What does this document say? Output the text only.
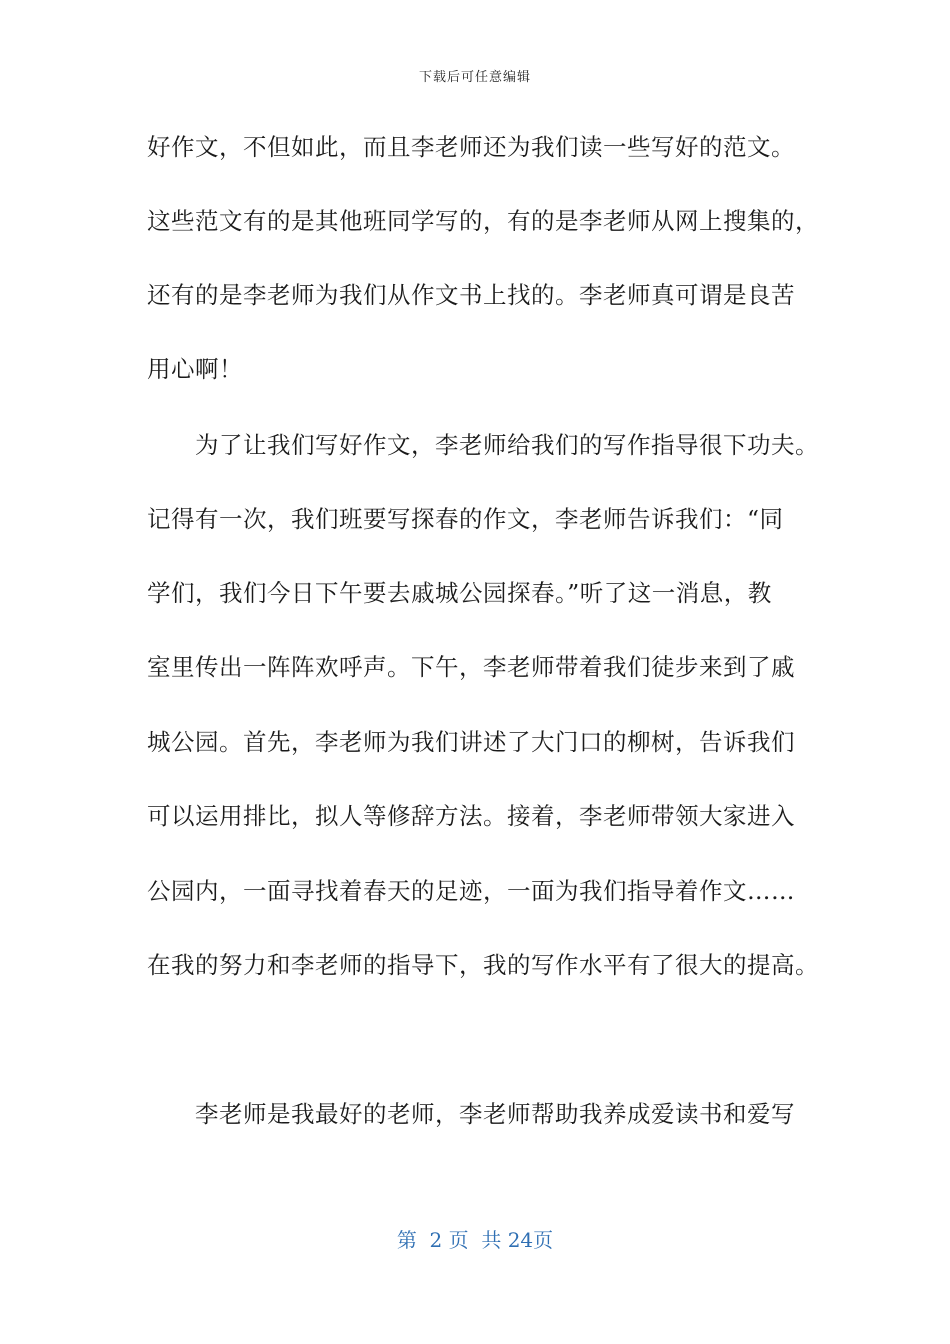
下载后可任意编辑
好作文，不但如此，而且李老师还为我们读一些写好的范文。
这些范文有的是其他班同学写的，有的是李老师从网上搜集的，
还有的是李老师为我们从作文书上找的。李老师真可谓是良苦
用心啊！
　　为了让我们写好作文，李老师给我们的写作指导很下功夫。
记得有一次，我们班要写探春的作文，李老师告诉我们：“同
学们，我们今日下午要去戚城公园探春。”听了这一消息，教
室里传出一阵阵欢呼声。下午，李老师带着我们徒步来到了戚
城公园。首先，李老师为我们讲述了大门口的柳树，告诉我们
可以运用排比，拟人等修辞方法。接着，李老师带领大家进入
公园内，一面寻找着春天的足迹，一面为我们指导着作文……
在我的努力和李老师的指导下，我的写作水平有了很大的提高。
　　李老师是我最好的老师，李老师帮助我养成爱读书和爱写
第  2 页  共 24页
